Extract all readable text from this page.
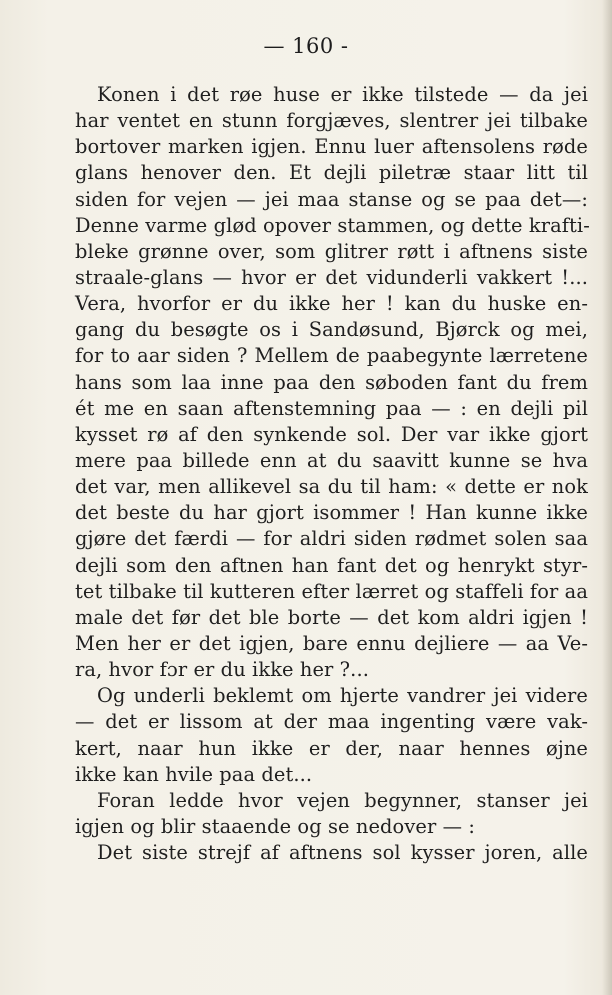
— 160 -
Konen i det røe huse er ikke tilstede — da jei
har ventet en stunn forgjæves, slentrer jei tilbake
bortover marken igjen. Ennu luer aftensolens røde
glans henover den. Et dejli piletræ staar litt til
siden for vejen — jei maa stanse og se paa det—:
Denne varme glød opover stammen, og dette krafti-
bleke grønne over, som glitrer røtt i aftnens siste
straale-glans — hvor er det vidunderli vakkert !...
Vera, hvorfor er du ikke her ! kan du huske en-
gang du besøgte os i Sandøsund, Bjørck og mei,
for to aar siden ? Mellem de paabegynte lærretene
hans som laa inne paa den søboden fant du frem
ét me en saan aftenstemning paa — : en dejli pil
kysset rø af den synkende sol. Der var ikke gjort
mere paa billede enn at du saavitt kunne se hva
det var, men allikevel sa du til ham: « dette er nok
det beste du har gjort isommer ! Han kunne ikke
gjøre det færdi — for aldri siden rødmet solen saa
dejli som den aftnen han fant det og henrykt styr-
tet tilbake til kutteren efter lærret og staffeli for aa
male det før det ble borte — det kom aldri igjen !
Men her er det igjen, bare ennu dejliere — aa Ve-
ra, hvor fɔr er du ikke her ?...
Og underli beklemt om hjerte vandrer jei videre
— det er lissom at der maa ingenting være vak-
kert, naar hun ikke er der, naar hennes øjne
ikke kan hvile paa det...
Foran ledde hvor vejen begynner, stanser jei
igjen og blir staaende og se nedover — :
Det siste strejf af aftnens sol kysser joren, alle
